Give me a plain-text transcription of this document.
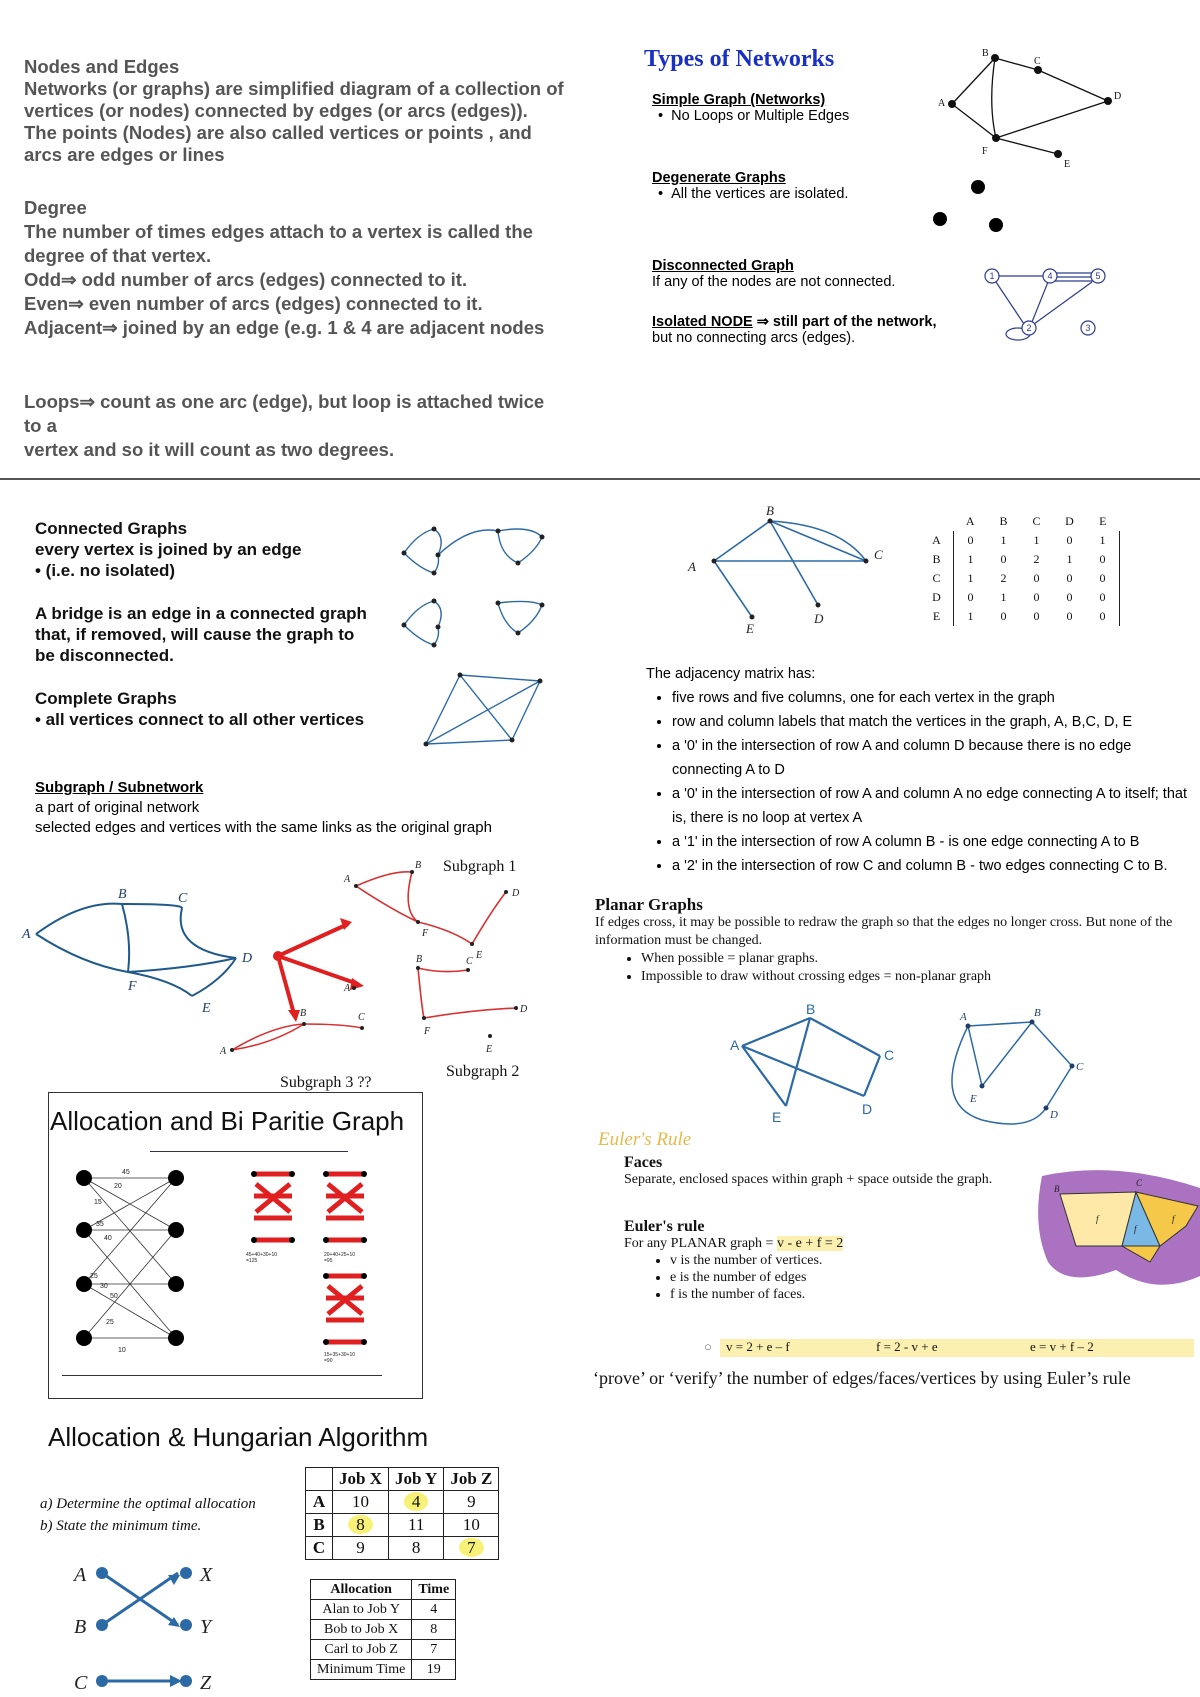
Nodes and Edges

Networks (or graphs) are simplified diagram of a collection of vertices (or nodes) connected by edges (or arcs (edges)). The points (Nodes) are also called vertices or points , and arcs are edges or lines

Degree

The number of times edges attach to a vertex is called the degree of that vertex.

Odd⇒ odd number of arcs (edges) connected to it.

Even⇒ even number of arcs (edges) connected to it.

Adjacent⇒ joined by an edge (e.g. 1 & 4 are adjacent nodes

Loops⇒ count as one arc (edge), but loop is attached twice to a

vertex and so it will count as two degrees.

Types of Networks
Simple Graph (Networks)
•  No Loops or Multiple Edges
Degenerate Graphs
•  All the vertices are isolated.
Disconnected Graph
If any of the nodes are not connected.
Isolated NODE ⇒ still part of the network,
but no connecting arcs (edges).
B
C
A
D
F
E
1	4	5
2	3

Connected Graphs

every vertex is joined by an edge

• (i.e. no isolated)

A bridge is an edge in a connected graph that, if removed, will cause the graph to be disconnected.

Complete Graphs

• all vertices connect to all other vertices

Subgraph / Subnetwork
a part of original network
selected edges and vertices with the same links as the original graph
B	C
A
D
F
E
A
B
D
F
E
B	C
A
D
F
E
A
B	C
Subgraph 1
Subgraph 2
Subgraph 3 ??
A
B
C
D
E
	A	B	C	D	E
A	0	1	1	0	1
B	1	0	2	1	0
C	1	2	0	0	0
D	0	1	0	0	0
E	1	0	0	0	0
The adjacency matrix has:
• five rows and five columns, one for each vertex in the graph
• row and column labels that match the vertices in the graph, A, B,C, D, E
• a '0' in the intersection of row A and column D because there is no edge connecting A to D
• a '0' in the intersection of row A and column A no edge connecting A to itself; that is, there is no loop at vertex A
• a '1' in the intersection of row A column B - is one edge connecting A to B
• a '2' in the intersection of row C and column B - two edges connecting C to B.
Planar Graphs
If edges cross, it may be possible to redraw the graph so that the edges no longer cross. But none of the information must be changed.
• When possible = planar graphs.
• Impossible to draw without crossing edges = non-planar graph
A
B
C
D
E
A	B
C
D
E
Euler's Rule
Faces
Separate, enclosed spaces within graph + space outside the graph.
Euler's rule
For any PLANAR graph = v - e + f = 2
• v is the number of vertices.
• e is the number of edges
• f is the number of faces.
○ v = 2 + e – f	f = 2 - v + e	e = v + f – 2
f
f
f
B
C
‘prove’ or ‘verify’ the number of edges/faces/vertices by using Euler’s rule
Allocation and Bi Paritie Graph
45
20
15
35
40
25
30
50
25
10
45+40+30+10
=125
20+40+25+10
=95
15+35+30+10
=90
Allocation & Hungarian Algorithm
a) Determine the optimal allocation
b) State the minimum time.
	Job X	Job Y	Job Z
A	10	4	9
B	8	11	10
C	9	8	7
Allocation	Time
Alan to Job Y	4
Bob to Job X	8
Carl to Job Z	7
Minimum Time	19
A
B
C
X
Y
Z
